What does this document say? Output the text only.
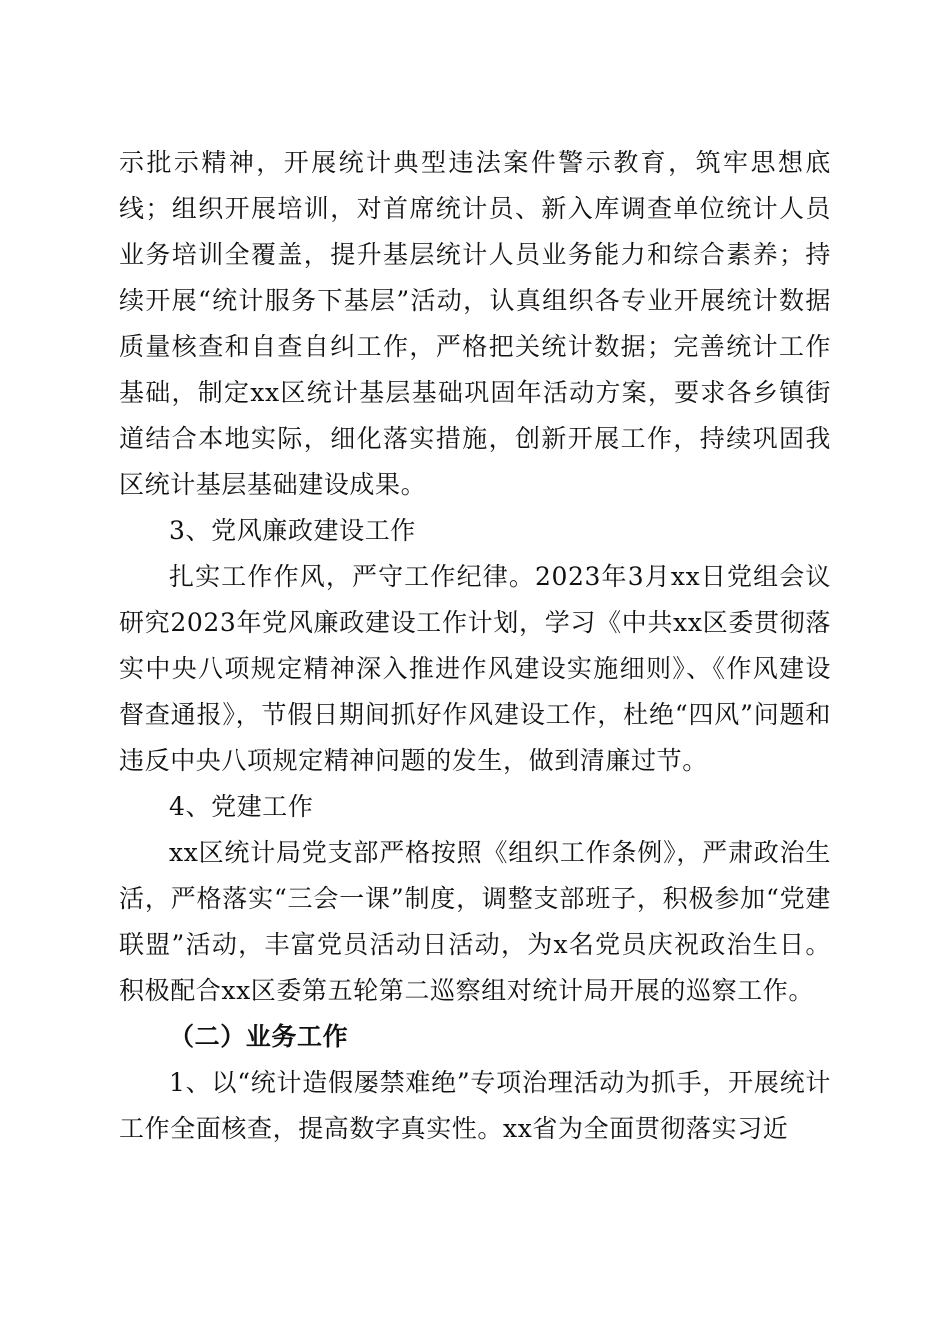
示批示精神，开展统计典型违法案件警示教育，筑牢思想底线；组织开展培训，对首席统计员、新入库调查单位统计人员业务培训全覆盖，提升基层统计人员业务能力和综合素养；持续开展“统计服务下基层”活动，认真组织各专业开展统计数据质量核查和自查自纠工作，严格把关统计数据；完善统计工作基础，制定xx区统计基层基础巩固年活动方案，要求各乡镇街道结合本地实际，细化落实措施，创新开展工作，持续巩固我区统计基层基础建设成果。

3、党风廉政建设工作

扎实工作作风，严守工作纪律。2023年3月xx日党组会议研究2023年党风廉政建设工作计划，学习《中共xx区委贯彻落实中央八项规定精神深入推进作风建设实施细则》、《作风建设督查通报》，节假日期间抓好作风建设工作，杜绝“四风”问题和违反中央八项规定精神问题的发生，做到清廉过节。

4、党建工作

xx区统计局党支部严格按照《组织工作条例》，严肃政治生活，严格落实“三会一课”制度，调整支部班子，积极参加“党建联盟”活动，丰富党员活动日活动，为x名党员庆祝政治生日。积极配合xx区委第五轮第二巡察组对统计局开展的巡察工作。

（二）业务工作

1、以“统计造假屡禁难绝”专项治理活动为抓手，开展统计工作全面核查，提高数字真实性。xx省为全面贯彻落实习近
